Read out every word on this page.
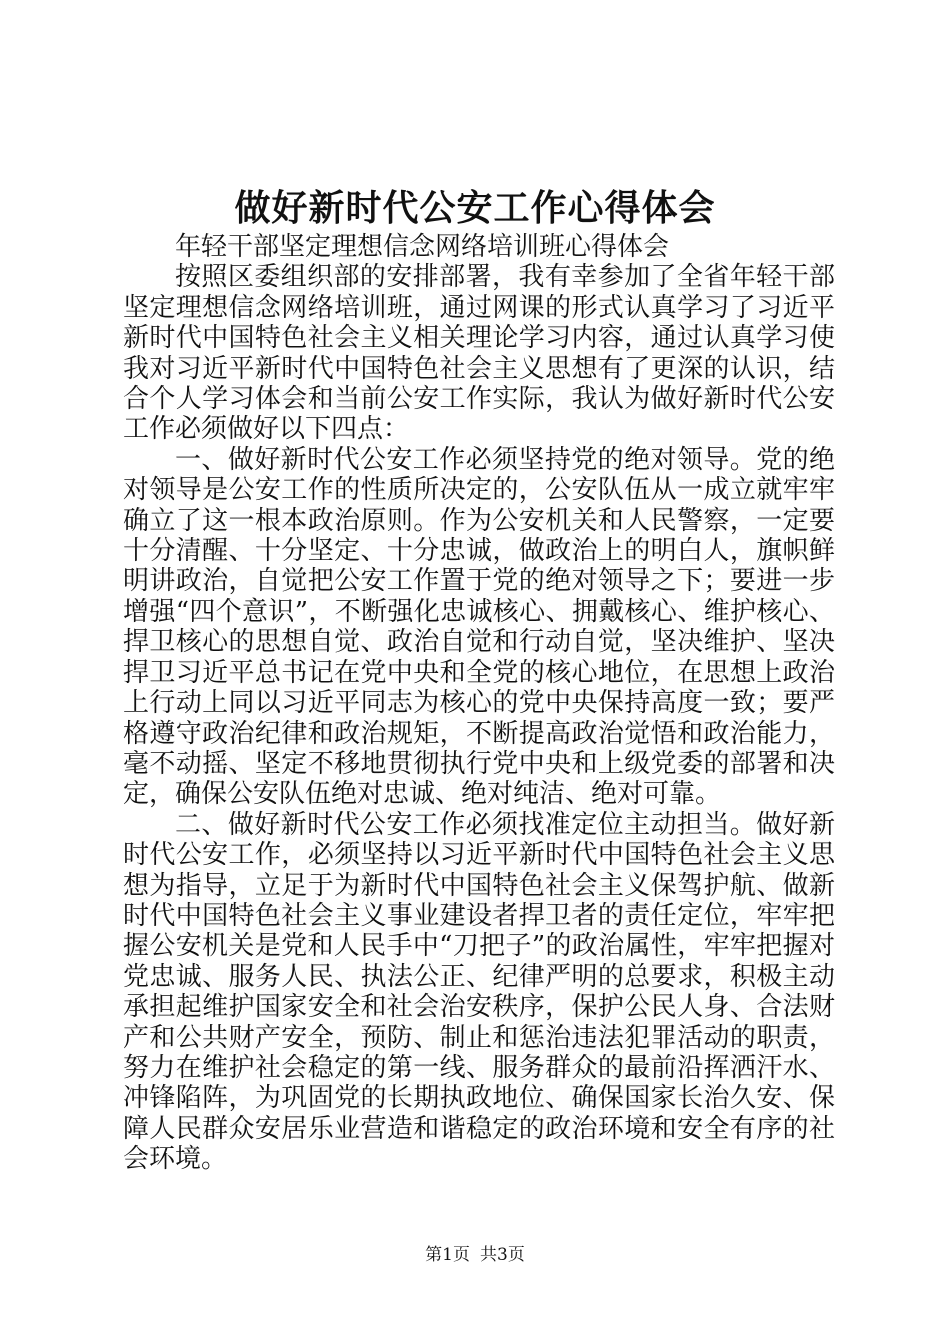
做好新时代公安工作心得体会

年轻干部坚定理想信念网络培训班心得体会

按照区委组织部的安排部署，我有幸参加了全省年轻干部坚定理想信念网络培训班，通过网课的形式认真学习了习近平新时代中国特色社会主义相关理论学习内容，通过认真学习使我对习近平新时代中国特色社会主义思想有了更深的认识，结合个人学习体会和当前公安工作实际，我认为做好新时代公安工作必须做好以下四点：

一、做好新时代公安工作必须坚持党的绝对领导。党的绝对领导是公安工作的性质所决定的，公安队伍从一成立就牢牢确立了这一根本政治原则。作为公安机关和人民警察，一定要十分清醒、十分坚定、十分忠诚，做政治上的明白人，旗帜鲜明讲政治，自觉把公安工作置于党的绝对领导之下；要进一步增强“四个意识”，不断强化忠诚核心、拥戴核心、维护核心、捍卫核心的思想自觉、政治自觉和行动自觉，坚决维护、坚决捍卫习近平总书记在党中央和全党的核心地位，在思想上政治上行动上同以习近平同志为核心的党中央保持高度一致；要严格遵守政治纪律和政治规矩，不断提高政治觉悟和政治能力，毫不动摇、坚定不移地贯彻执行党中央和上级党委的部署和决定，确保公安队伍绝对忠诚、绝对纯洁、绝对可靠。

二、做好新时代公安工作必须找准定位主动担当。做好新时代公安工作，必须坚持以习近平新时代中国特色社会主义思想为指导，立足于为新时代中国特色社会主义保驾护航、做新时代中国特色社会主义事业建设者捍卫者的责任定位，牢牢把握公安机关是党和人民手中“刀把子”的政治属性，牢牢把握对党忠诚、服务人民、执法公正、纪律严明的总要求，积极主动承担起维护国家安全和社会治安秩序，保护公民人身、合法财产和公共财产安全，预防、制止和惩治违法犯罪活动的职责，努力在维护社会稳定的第一线、服务群众的最前沿挥洒汗水、冲锋陷阵，为巩固党的长期执政地位、确保国家长治久安、保障人民群众安居乐业营造和谐稳定的政治环境和安全有序的社会环境。

第1页 共3页
